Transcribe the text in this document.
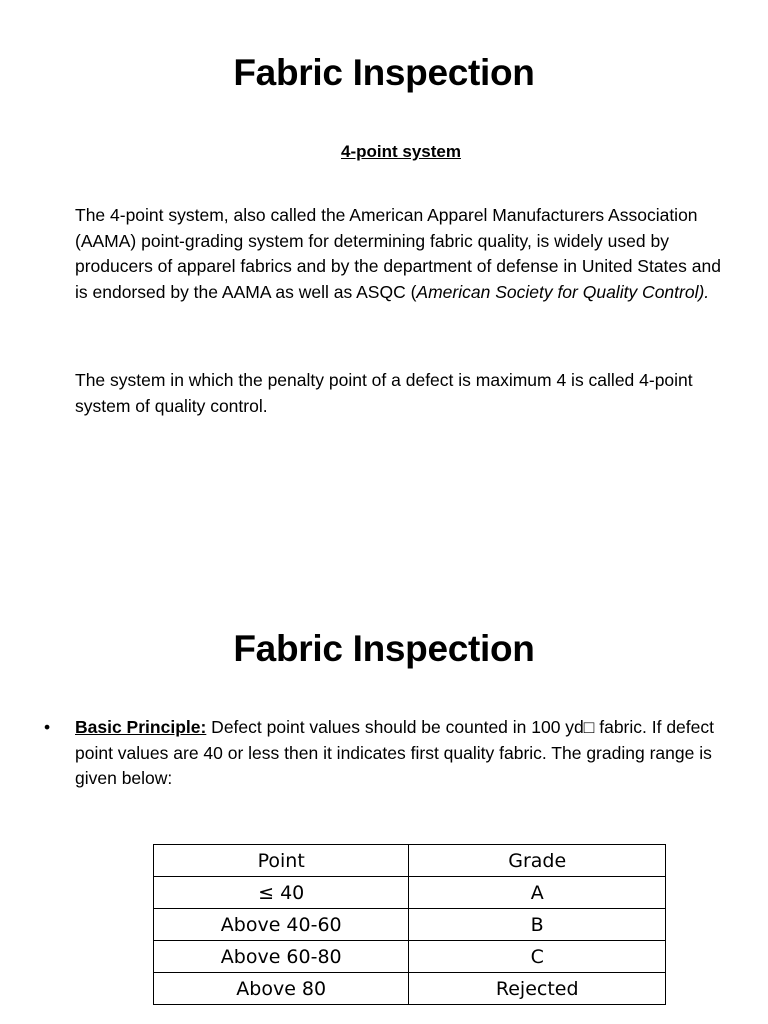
Fabric Inspection

4-point system

The 4-point system, also called the American Apparel Manufacturers Association (AAMA) point-grading system for determining fabric quality, is widely used by producers of apparel fabrics and by the department of defense in United States and is endorsed by the AAMA as well as ASQC (American Society for Quality Control).

The system in which the penalty point of a defect is maximum 4 is called 4-point system of quality control.

Fabric Inspection
• Basic Principle: Defect point values should be counted in 100 yd□ fabric. If defect point values are 40 or less then it indicates first quality fabric. The grading range is given below:

Point	Grade
≤ 40	A
Above 40-60	B
Above 60-80	C
Above 80	Rejected
